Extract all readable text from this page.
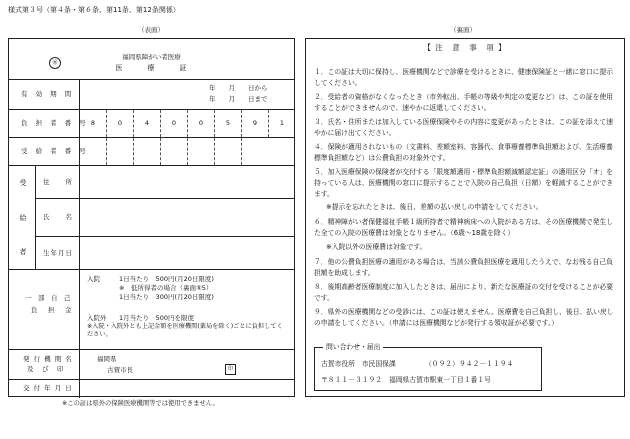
様式第３号（第４条・第６条、第11条、第12条関係）
（表面）	（裏面）
㊙
福岡県障がい者医療
医　　　療　　　証
有 効 期 間
年　　月　　日から
年　　月　　日まで
負 担 者 番 号 8	0	4	0	0	5	9	1
受 給 者 番 号
受
給
者
住　　所
氏　　名
生年月日
一　部　自　己
負　担　金
入院	1日当たり　500円(月20日限度)
※　低所得者の場合（裏面⑤5）
1日当たり　300円(月20日限度)
入院外 1月当たり　500円を限度
※入院・入院外とも上記金額を医療機関(薬局を除く)ごとに負担してください。
発 行 機 関 名
及　び　印
福岡県
古賀市長	印
交 付 年 月 日
※この証は県外の保険医療機関等では使用できません。
【 注　意　事　項 】
１．この証は大切に保持し、医療機関などで診療を受けるときに、健康保険証と一緒に窓口に提示してください。
２．受給者の資格がなくなったとき（市外転出、手帳の等級や判定の変更など）は、この証を使用することができませんので、速やかに返還してください。
３．氏名・住所または加入している医療保険やその内容に変更があったときは、この証を添えて速やかに届け出てください。
４．保険が適用されないもの（文書料、差額室料、容器代、食事療養標準負担額および、生活療養標準負担額など）は公費負担の対象外です。
５．加入医療保険の保険者が交付する「限度額適用・標準負担額減額認定証」の適用区分「オ」を持っている人は、医療機関の窓口に提示することで入院の自己負担（日額）を軽減することができます。
※提示を忘れたときは、後日、差額の払い戻しの申請をしてください。
６．精神障がい者保健福祉手帳１級所持者で精神病床への入院がある方は、その医療機関で発生した全ての入院の医療費は対象となりません。（6歳～18歳を除く）
※入院以外の医療費は対象です。
７．他の公費負担医療の適用がある場合は、当該公費負担医療を適用したうえで、なお残る自己負担額を助成します。
８．後期高齢者医療制度に加入したときは、届出により、新たな医療証の交付を受けることが必要です。
９．県外の医療機関などの受診には、この証は使えません。医療費を自己負担し、後日、払い戻しの申請をしてください。（申請には医療機関などが発行する領収証が必要です。）
問い合わせ・届出
古賀市役所　市民国保課	（０９２）９４２－１１９４
〒８１１－３１９２　福岡県古賀市駅東一丁目１番１号
